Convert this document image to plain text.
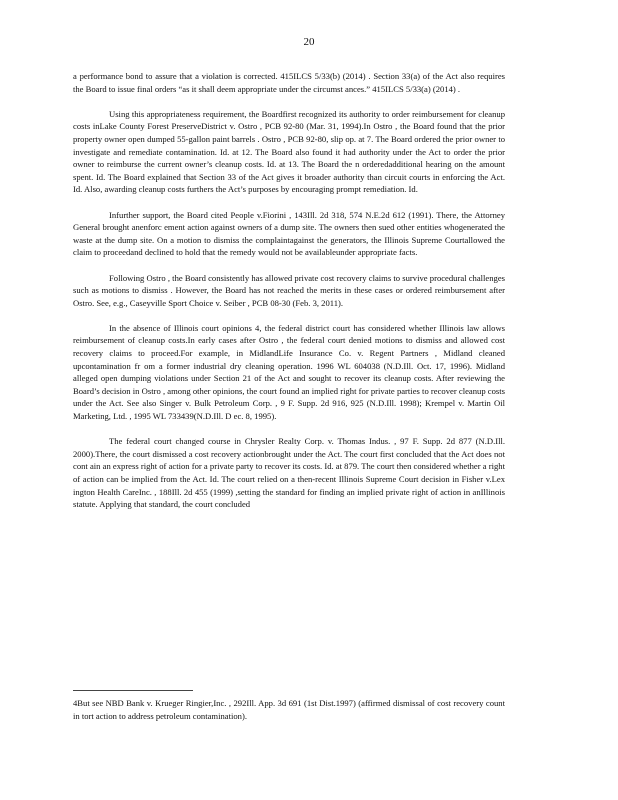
20

a performance bond to assure that a violation is corrected. 415ILCS 5/33(b) (2014) . Section 33(a) of the Act also requires the Board to issue final orders “as it shall deem appropriate under the circumst ances.” 415ILCS 5/33(a) (2014) .

Using this appropriateness requirement, the Boardfirst recognized its authority to order reimbursement for cleanup costs inLake County Forest PreserveDistrict v. Ostro , PCB 92-80 (Mar. 31, 1994).In Ostro , the Board found that the prior property owner open dumped 55-gallon paint barrels . Ostro , PCB 92-80, slip op. at 7. The Board ordered the prior owner to investigate and remediate contamination. Id. at 12. The Board also found it had authority under the Act to order the prior owner to reimburse the current owner’s cleanup costs. Id. at 13. The Board the n orderedadditional hearing on the amount spent. Id. The Board explained that Section 33 of the Act gives it broader authority than circuit courts in enforcing the Act. Id. Also, awarding cleanup costs furthers the Act’s purposes by encouraging prompt remediation. Id.

Infurther support, the Board cited People v.Fiorini , 143Ill. 2d 318, 574 N.E.2d 612 (1991). There, the Attorney General brought anenforc ement action against owners of a dump site. The owners then sued other entities whogenerated the waste at the dump site. On a motion to dismiss the complaintagainst the generators, the Illinois Supreme Courtallowed the claim to proceedand declined to hold that the remedy would not be availableunder appropriate facts.

Following Ostro , the Board consistently has allowed private cost recovery claims to survive procedural challenges such as motions to dismiss . However, the Board has not reached the merits in these cases or ordered reimbursement after Ostro. See, e.g., Caseyville Sport Choice v. Seiber , PCB 08-30 (Feb. 3, 2011).

In the absence of Illinois court opinions 4, the federal district court has considered whether Illinois law allows reimbursement of cleanup costs.In early cases after Ostro , the federal court denied motions to dismiss and allowed cost recovery claims to proceed.For example, in MidlandLife Insurance Co. v. Regent Partners , Midland cleaned upcontamination fr om a former industrial dry cleaning operation. 1996 WL 604038 (N.D.Ill. Oct. 17, 1996). Midland alleged open dumping violations under Section 21 of the Act and sought to recover its cleanup costs. After reviewing the Board’s decision in Ostro , among other opinions, the court found an implied right for private parties to recover cleanup costs under the Act. See also Singer v. Bulk Petroleum Corp. , 9 F. Supp. 2d 916, 925 (N.D.Ill. 1998); Krempel v. Martin Oil Marketing, Ltd. , 1995 WL 733439(N.D.Ill. D ec. 8, 1995).

The federal court changed course in Chrysler Realty Corp. v. Thomas Indus. , 97 F. Supp. 2d 877 (N.D.Ill. 2000).There, the court dismissed a cost recovery actionbrought under the Act. The court first concluded that the Act does not cont ain an express right of action for a private party to recover its costs. Id. at 879. The court then considered whether a right of action can be implied from the Act. Id. The court relied on a then-recent Illinois Supreme Court decision in Fisher v.Lex ington Health CareInc. , 188Ill. 2d 455 (1999) ,setting the standard for finding an implied private right of action in anIllinois statute. Applying that standard, the court concluded

4But see NBD Bank v. Krueger Ringier,Inc. , 292Ill. App. 3d 691 (1st Dist.1997) (affirmed dismissal of cost recovery count in tort action to address petroleum contamination).
